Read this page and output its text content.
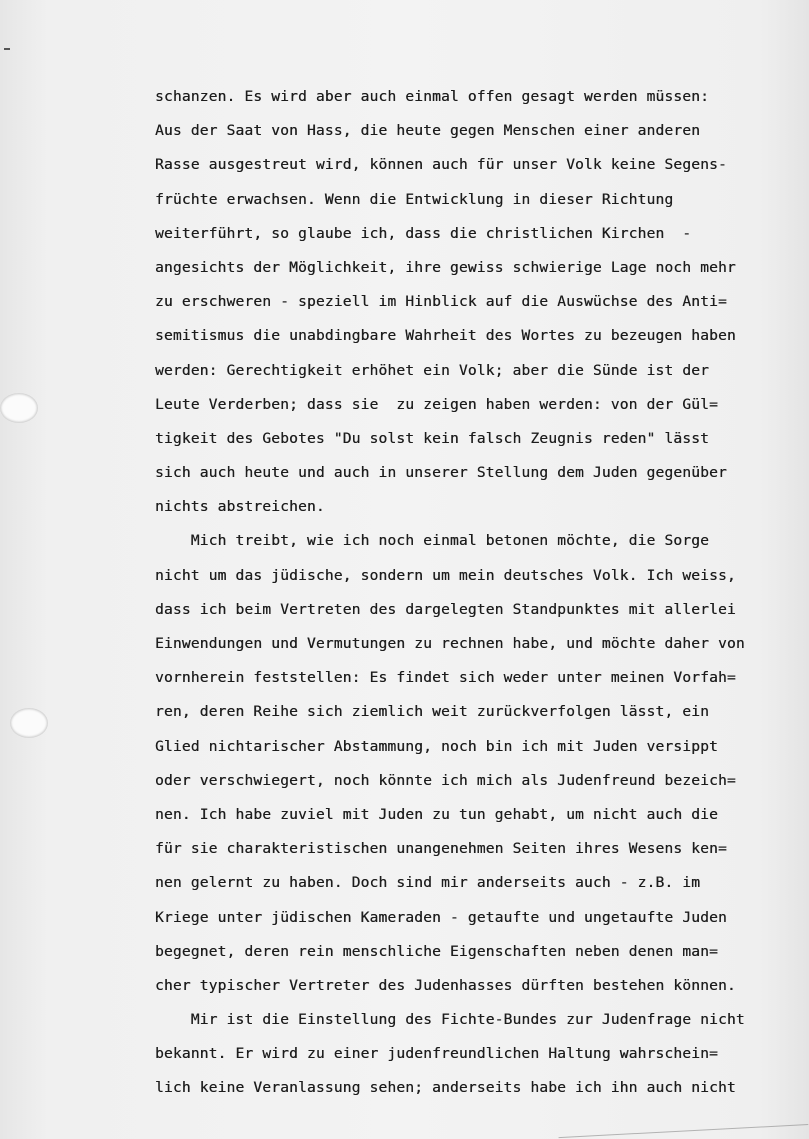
schanzen. Es wird aber auch einmal offen gesagt werden müssen:
Aus der Saat von Hass, die heute gegen Menschen einer anderen
Rasse ausgestreut wird, können auch für unser Volk keine Segens-
früchte erwachsen. Wenn die Entwicklung in dieser Richtung
weiterführt, so glaube ich, dass die christlichen Kirchen  -
angesichts der Möglichkeit, ihre gewiss schwierige Lage noch mehr
zu erschweren - speziell im Hinblick auf die Auswüchse des Anti=
semitismus die unabdingbare Wahrheit des Wortes zu bezeugen haben
werden: Gerechtigkeit erhöhet ein Volk; aber die Sünde ist der
Leute Verderben; dass sie  zu zeigen haben werden: von der Gül=
tigkeit des Gebotes "Du solst kein falsch Zeugnis reden" lässt
sich auch heute und auch in unserer Stellung dem Juden gegenüber
nichts abstreichen.
Mich treibt, wie ich noch einmal betonen möchte, die Sorge
nicht um das jüdische, sondern um mein deutsches Volk. Ich weiss,
dass ich beim Vertreten des dargelegten Standpunktes mit allerlei
Einwendungen und Vermutungen zu rechnen habe, und möchte daher von
vornherein feststellen: Es findet sich weder unter meinen Vorfah=
ren, deren Reihe sich ziemlich weit zurückverfolgen lässt, ein
Glied nichtarischer Abstammung, noch bin ich mit Juden versippt
oder verschwiegert, noch könnte ich mich als Judenfreund bezeich=
nen. Ich habe zuviel mit Juden zu tun gehabt, um nicht auch die
für sie charakteristischen unangenehmen Seiten ihres Wesens ken=
nen gelernt zu haben. Doch sind mir anderseits auch - z.B. im
Kriege unter jüdischen Kameraden - getaufte und ungetaufte Juden
begegnet, deren rein menschliche Eigenschaften neben denen man=
cher typischer Vertreter des Judenhasses dürften bestehen können.
Mir ist die Einstellung des Fichte-Bundes zur Judenfrage nicht
bekannt. Er wird zu einer judenfreundlichen Haltung wahrschein=
lich keine Veranlassung sehen; anderseits habe ich ihn auch nicht
